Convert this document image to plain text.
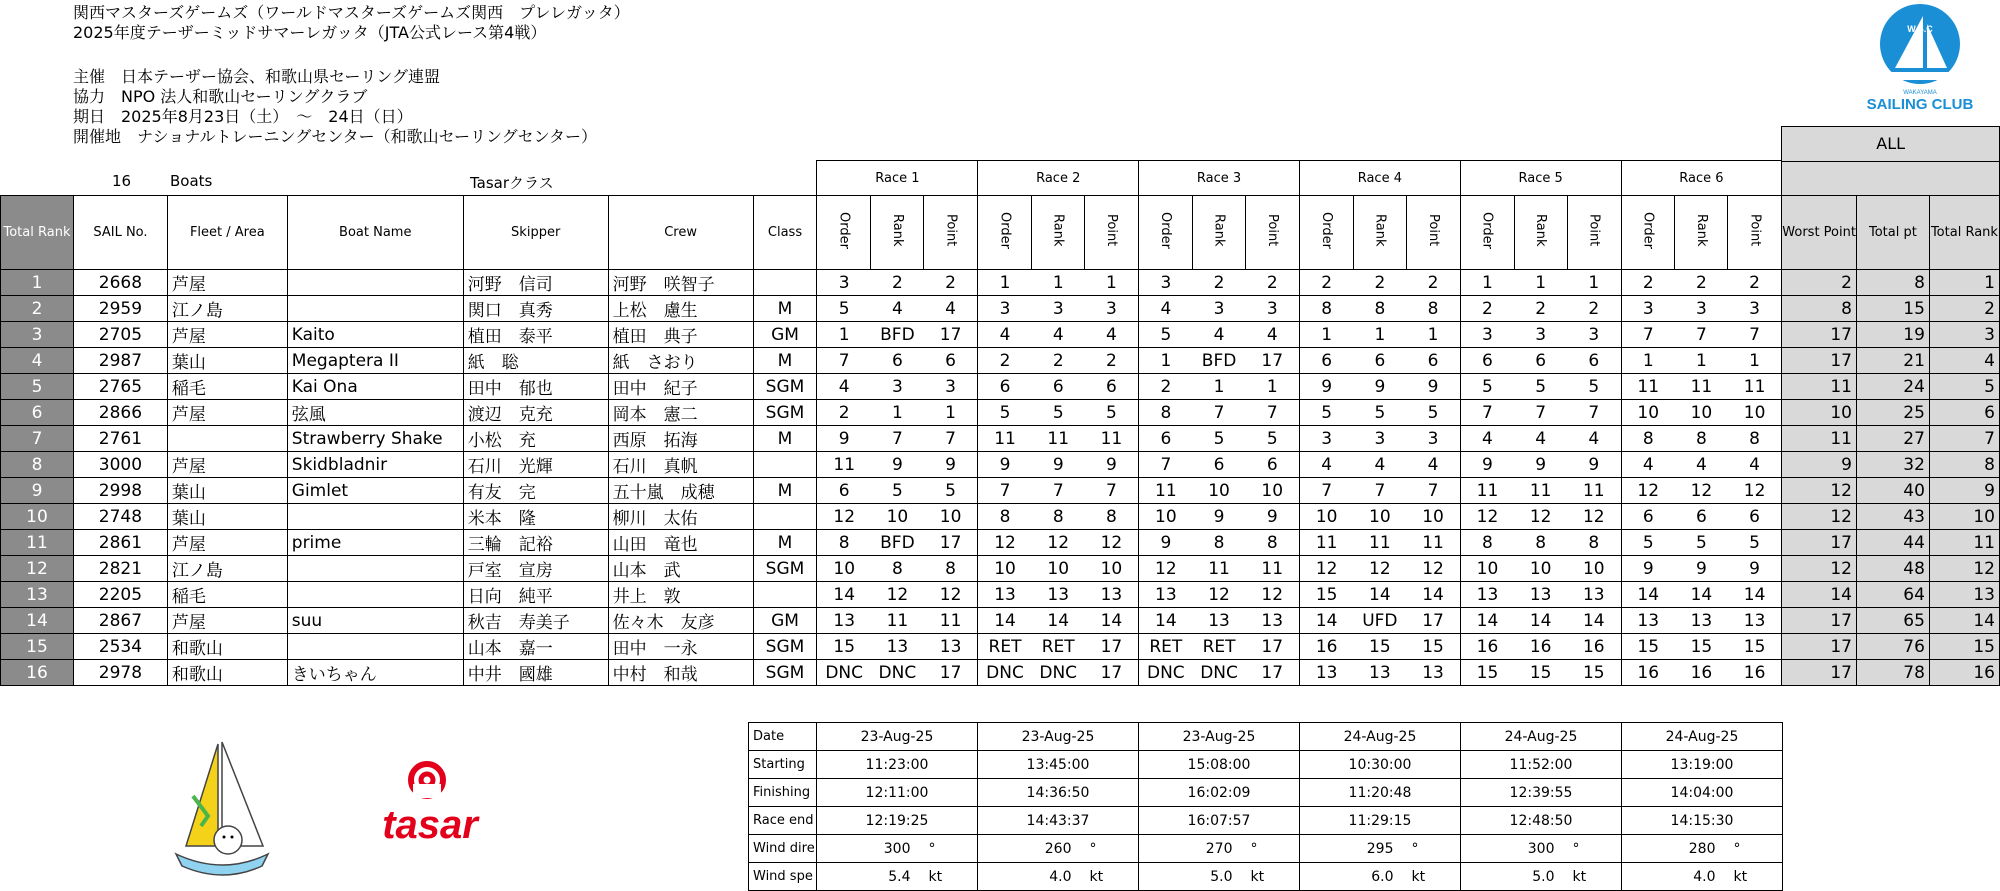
関西マスターズゲームズ（ワールドマスターズゲームズ関西　プレレガッタ）
2025年度テーザーミッドサマーレガッタ（JTA公式レース第4戦）
主催　日本テーザー協会、和歌山県セーリング連盟
協力　NPO 法人和歌山セーリングクラブ
期日　2025年8月23日（土）　～　24日（日）
開催地　ナショナルトレーニングセンター（和歌山セーリングセンター）
W.S.C
WAKAYAMA
SAILING CLUB
16	Boats	Tasarクラス
							Race 1			Race 2			Race 3			Race 4			Race 5			Race 6			ALL		

Total Rank	SAIL No.	Fleet / Area	Boat Name	Skipper	Crew	Class	Order	Rank	Point	Order	Rank	Point	Order	Rank	Point	Order	Rank	Point	Order	Rank	Point	Order	Rank	Point	Worst Point	Total pt	Total Rank
1	2668	芦屋		河野　信司	河野　咲智子		3	2	2	1	1	1	3	2	2	2	2	2	1	1	1	2	2	2	2	8	1
2	2959	江ノ島		関口　真秀	上松　慮生	M	5	4	4	3	3	3	4	3	3	8	8	8	2	2	2	3	3	3	8	15	2
3	2705	芦屋	Kaito	植田　泰平	植田　典子	GM	1	BFD	17	4	4	4	5	4	4	1	1	1	3	3	3	7	7	7	17	19	3
4	2987	葉山	Megaptera II	紙　聡	紙　さおり	M	7	6	6	2	2	2	1	BFD	17	6	6	6	6	6	6	1	1	1	17	21	4
5	2765	稲毛	Kai Ona	田中　郁也	田中　紀子	SGM	4	3	3	6	6	6	2	1	1	9	9	9	5	5	5	11	11	11	11	24	5
6	2866	芦屋	弦風	渡辺　克充	岡本　憲二	SGM	2	1	1	5	5	5	8	7	7	5	5	5	7	7	7	10	10	10	10	25	6
7	2761		Strawberry Shake	小松　充	西原　拓海	M	9	7	7	11	11	11	6	5	5	3	3	3	4	4	4	8	8	8	11	27	7
8	3000	芦屋	Skidbladnir	石川　光輝	石川　真帆		11	9	9	9	9	9	7	6	6	4	4	4	9	9	9	4	4	4	9	32	8
9	2998	葉山	Gimlet	有友　完	五十嵐　成穂	M	6	5	5	7	7	7	11	10	10	7	7	7	11	11	11	12	12	12	12	40	9
10	2748	葉山		米本　隆	柳川　太佑		12	10	10	8	8	8	10	9	9	10	10	10	12	12	12	6	6	6	12	43	10
11	2861	芦屋	prime	三輪　記裕	山田　竜也	M	8	BFD	17	12	12	12	9	8	8	11	11	11	8	8	8	5	5	5	17	44	11
12	2821	江ノ島		戸室　宣房	山本　武	SGM	10	8	8	10	10	10	12	11	11	12	12	12	10	10	10	9	9	9	12	48	12
13	2205	稲毛		日向　純平	井上　敦		14	12	12	13	13	13	13	12	12	15	14	14	13	13	13	14	14	14	14	64	13
14	2867	芦屋	suu	秋吉　寿美子	佐々木　友彦	GM	13	11	11	14	14	14	14	13	13	14	UFD	17	14	14	14	13	13	13	17	65	14
15	2534	和歌山		山本　嘉一	田中　一永	SGM	15	13	13	RET	RET	17	RET	RET	17	16	15	15	16	16	16	15	15	15	17	76	15
16	2978	和歌山	きいちゃん	中井　國雄	中村　和哉	SGM	DNC	DNC	17	DNC	DNC	17	DNC	DNC	17	13	13	13	15	15	15	16	16	16	17	78	16
tasar
Date	23-Aug-25		23-Aug-25		23-Aug-25		24-Aug-25		24-Aug-25		24-Aug-25	
Starting	11:23:00		13:45:00		15:08:00		10:30:00		11:52:00		13:19:00	
Finishing	12:11:00		14:36:50		16:02:09		11:20:48		12:39:55		14:04:00	
Race end	12:19:25		14:43:37		16:07:57		11:29:15		12:48:50		14:15:30	
Wind dire	300	°	260	°	270	°	295	°	300	°	280	°
Wind spe	5.4	kt	4.0	kt	5.0	kt	6.0	kt	5.0	kt	4.0	kt
